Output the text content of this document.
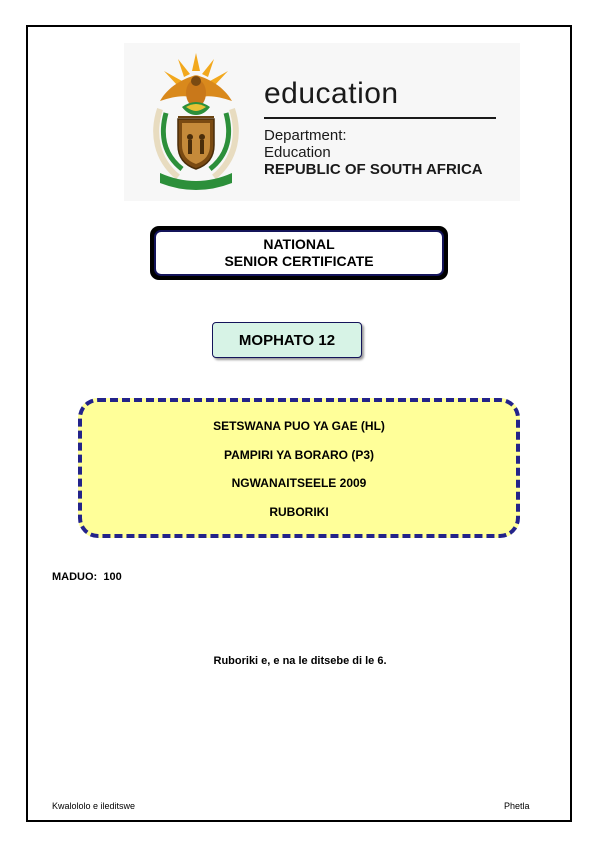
education
Department:
Education
REPUBLIC OF SOUTH AFRICA
NATIONAL
SENIOR CERTIFICATE
MOPHATO 12
SETSWANA PUO YA GAE (HL)
PAMPIRI YA BORARO (P3)
NGWANAITSEELE 2009
RUBORIKI
MADUO: 100
Ruboriki e, e na le ditsebe di le 6.
Kwalololo e ileditswe	Phetla
